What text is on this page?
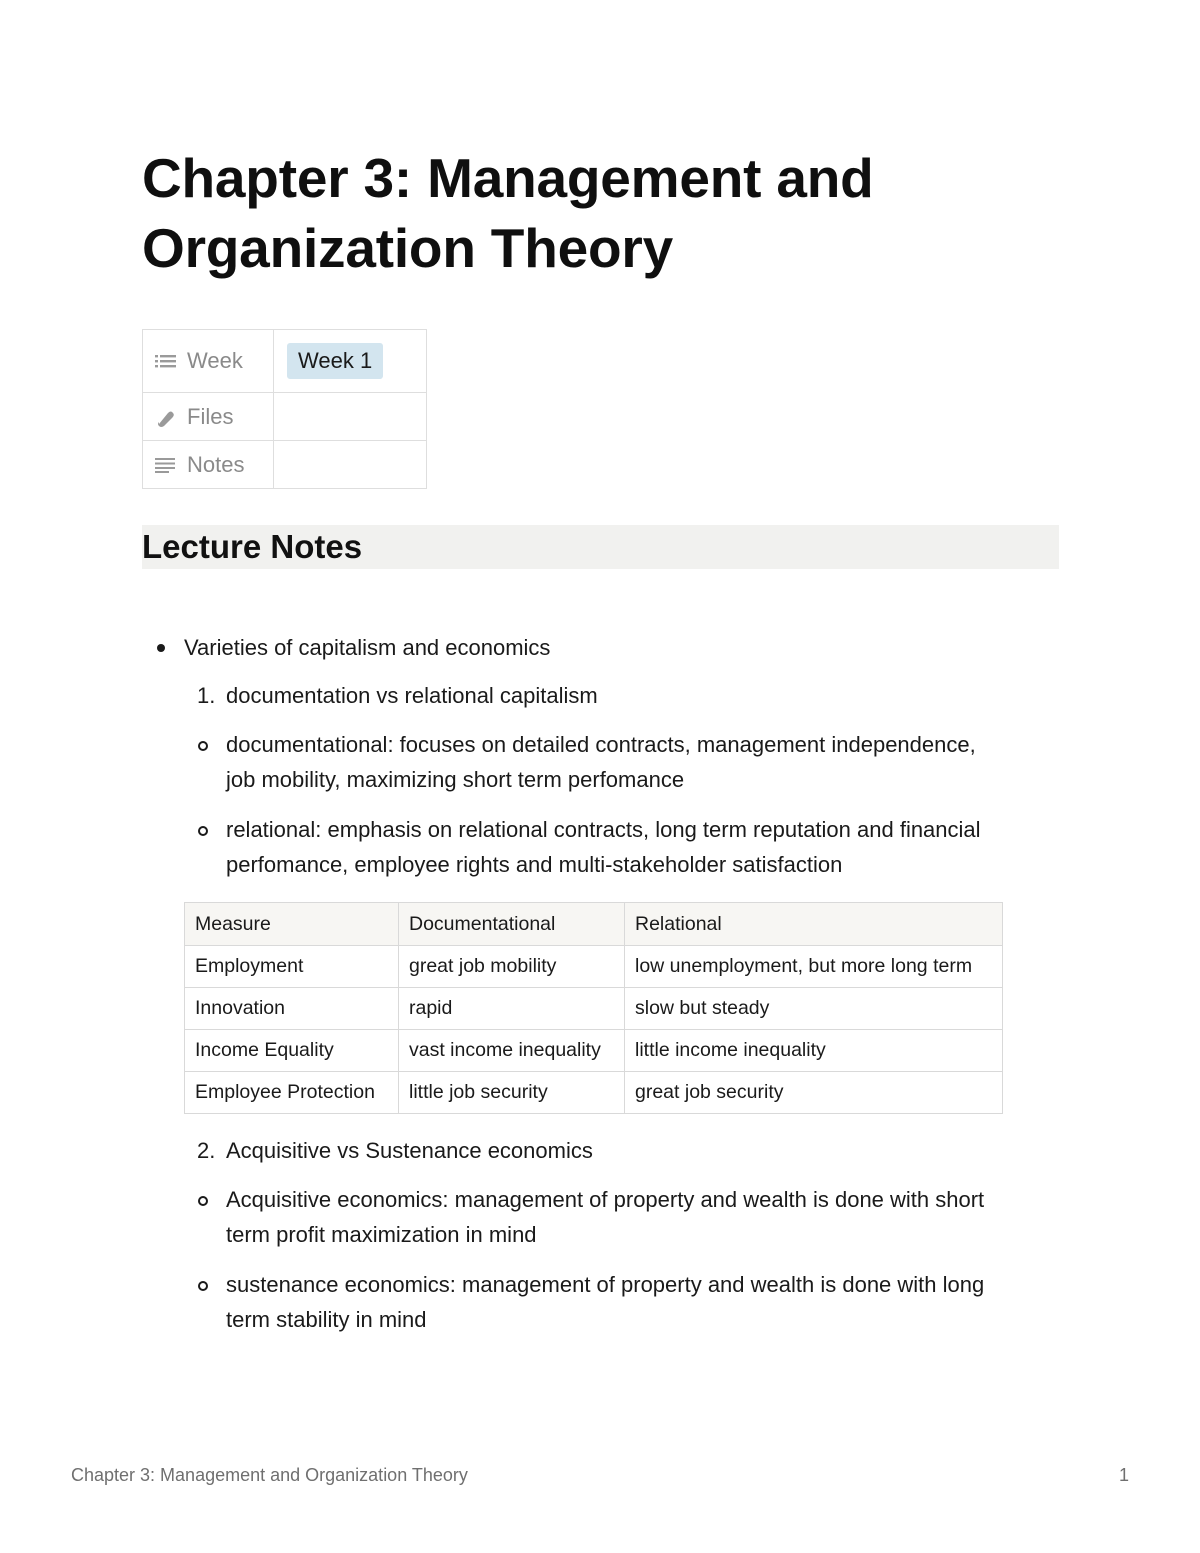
Chapter 3: Management and
Organization Theory
Week	Week 1

Files	

Notes	

Lecture Notes

Varieties of capitalism and economics

1. documentation vs relational capitalism

documentational: focuses on detailed contracts, management independence,

job mobility, maximizing short term perfomance

relational: emphasis on relational contracts, long term reputation and financial

perfomance, employee rights and multi-stakeholder satisfaction

Measure	Documentational	Relational
Employment	great job mobility	low unemployment, but more long term
Innovation	rapid	slow but steady
Income Equality	vast income inequality	little income inequality
Employee Protection	little job security	great job security
2. Acquisitive vs Sustenance economics

Acquisitive economics: management of property and wealth is done with short

term profit maximization in mind

sustenance economics: management of property and wealth is done with long

term stability in mind

Chapter 3: Management and Organization Theory	1
